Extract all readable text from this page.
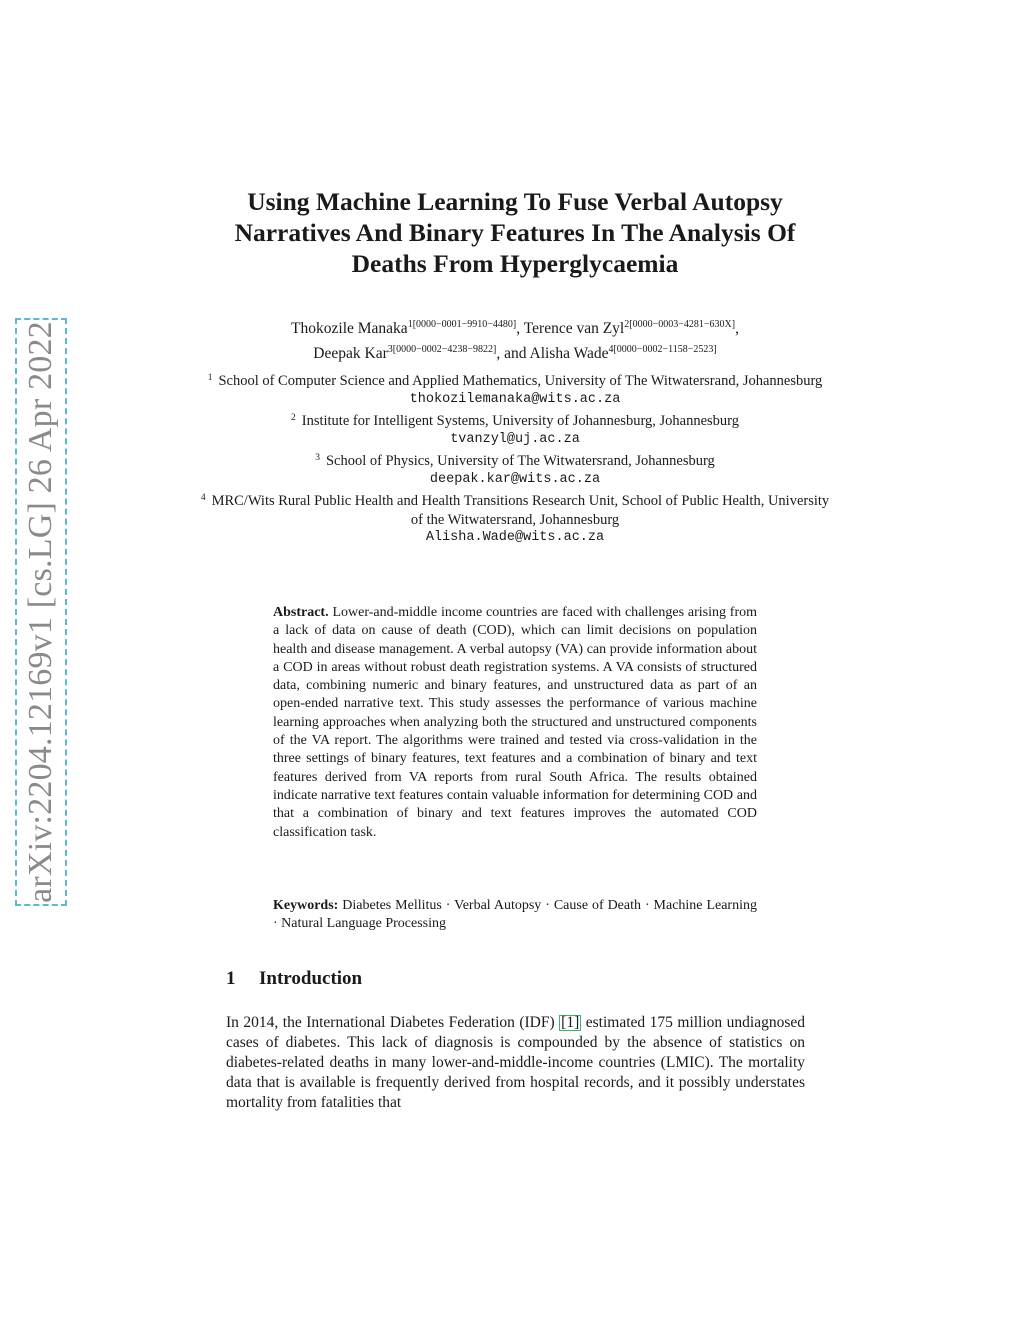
arXiv:2204.12169v1 [cs.LG] 26 Apr 2022
Using Machine Learning To Fuse Verbal Autopsy Narratives And Binary Features In The Analysis Of Deaths From Hyperglycaemia
Thokozile Manaka$^{1[0000-0001-9910-4480]}$, Terence van Zyl$^{2[0000-0003-4281-630X]}$,
Deepak Kar$^{3[0000-0002-4238-9822]}$, and Alisha Wade$^{4[0000-0002-1158-2523]}$
$^1$ School of Computer Science and Applied Mathematics, University of The Witwatersrand, Johannesburg
thokozilemanaka@wits.ac.za
$^2$ Institute for Intelligent Systems, University of Johannesburg, Johannesburg
tvanzyl@uj.ac.za
$^3$ School of Physics, University of The Witwatersrand, Johannesburg
deepak.kar@wits.ac.za
$^4$ MRC/Wits Rural Public Health and Health Transitions Research Unit, School of Public Health, University of the Witwatersrand, Johannesburg
Alisha.Wade@wits.ac.za

Abstract. Lower-and-middle income countries are faced with challenges arising from a lack of data on cause of death (COD), which can limit decisions on population health and disease management. A verbal autopsy (VA) can provide information about a COD in areas without robust death registration systems. A VA consists of structured data, combining numeric and binary features, and unstructured data as part of an open-ended narrative text. This study assesses the performance of various machine learning approaches when analyzing both the structured and unstructured components of the VA report. The algorithms were trained and tested via cross-validation in the three settings of binary features, text features and a combination of binary and text features derived from VA reports from rural South Africa. The results obtained indicate narrative text features contain valuable information for determining COD and that a combination of binary and text features improves the automated COD classification task.

Keywords: Diabetes Mellitus · Verbal Autopsy · Cause of Death · Machine Learning · Natural Language Processing

1 Introduction

In 2014, the International Diabetes Federation (IDF) [1] estimated 175 million undiagnosed cases of diabetes. This lack of diagnosis is compounded by the absence of statistics on diabetes-related deaths in many lower-and-middle-income countries (LMIC). The mortality data that is available is frequently derived from hospital records, and it possibly understates mortality from fatalities that
